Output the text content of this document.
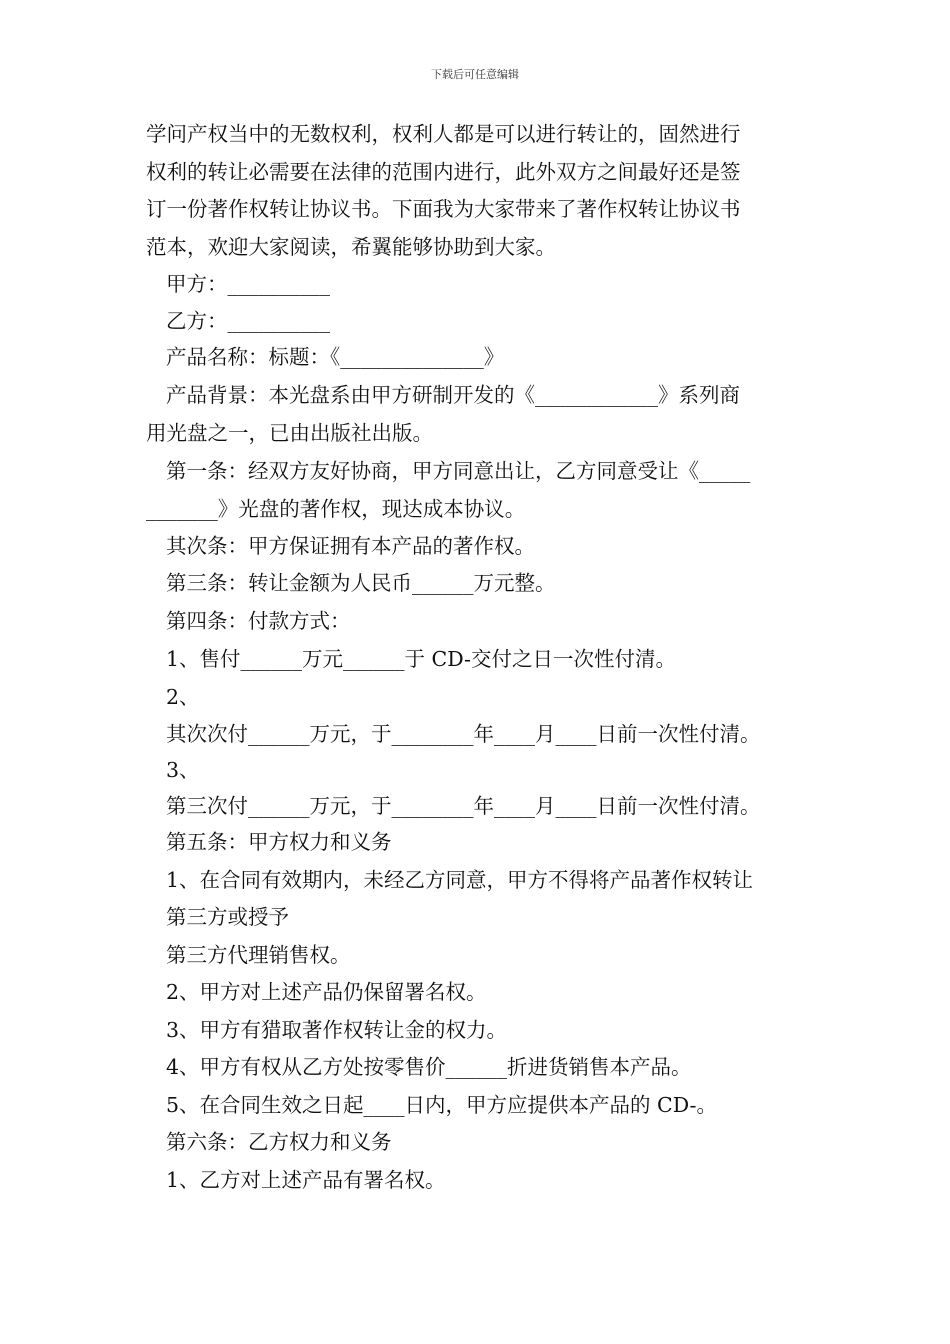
下载后可任意编辑
学问产权当中的无数权利，权利人都是可以进行转让的，固然进行
权利的转让必需要在法律的范围内进行，此外双方之间最好还是签
订一份著作权转让协议书。下面我为大家带来了著作权转让协议书
范本，欢迎大家阅读，希翼能够协助到大家。
甲方：__________
乙方：__________
产品名称：标题：《______________》
产品背景：本光盘系由甲方研制开发的《____________》系列商
用光盘之一，已由出版社出版。
第一条：经双方友好协商，甲方同意出让，乙方同意受让《_____
_______》光盘的著作权，现达成本协议。
其次条：甲方保证拥有本产品的著作权。
第三条：转让金额为人民币______万元整。
第四条：付款方式：
1、售付______万元______于 CD-交付之日一次性付清。
2、
其次次付______万元，于________年____月____日前一次性付清。
3、
第三次付______万元，于________年____月____日前一次性付清。
第五条：甲方权力和义务
1、在合同有效期内，未经乙方同意，甲方不得将产品著作权转让
第三方或授予
第三方代理销售权。
2、甲方对上述产品仍保留署名权。
3、甲方有猎取著作权转让金的权力。
4、甲方有权从乙方处按零售价______折进货销售本产品。
5、在合同生效之日起____日内，甲方应提供本产品的 CD-。
第六条：乙方权力和义务
1、乙方对上述产品有署名权。
